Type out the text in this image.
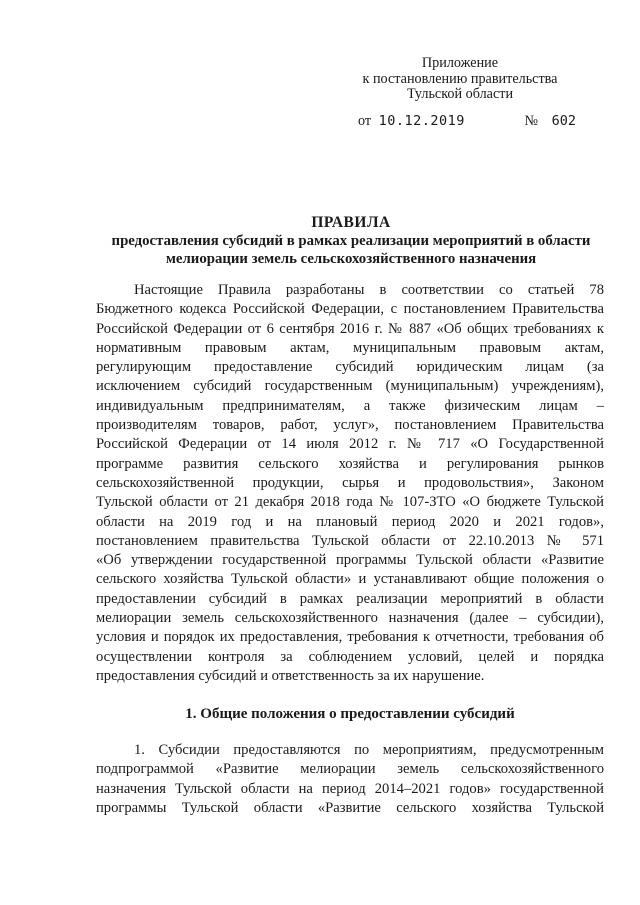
Приложение
к постановлению правительства
Тульской области
от 10.12.2019	№ 602
ПРАВИЛА
предоставления субсидий в рамках реализации мероприятий в области
мелиорации земель сельскохозяйственного назначения
Настоящие Правила разработаны в соответствии со статьей 78
Бюджетного кодекса Российской Федерации, с постановлением Правительства
Российской Федерации от 6 сентября 2016 г. № 887 «Об общих требованиях к
нормативным правовым актам, муниципальным правовым актам,
регулирующим предоставление субсидий юридическим лицам (за
исключением субсидий государственным (муниципальным) учреждениям),
индивидуальным предпринимателям, а также физическим лицам –
производителям товаров, работ, услуг», постановлением Правительства
Российской Федерации от 14 июля 2012 г. № 717 «О Государственной
программе развития сельского хозяйства и регулирования рынков
сельскохозяйственной продукции, сырья и продовольствия», Законом
Тульской области от 21 декабря 2018 года № 107-ЗТО «О бюджете Тульской
области на 2019 год и на плановый период 2020 и 2021 годов»,
постановлением правительства Тульской области от 22.10.2013 № 571
«Об утверждении государственной программы Тульской области «Развитие
сельского хозяйства Тульской области» и устанавливают общие положения о
предоставлении субсидий в рамках реализации мероприятий в области
мелиорации земель сельскохозяйственного назначения (далее – субсидии),
условия и порядок их предоставления, требования к отчетности, требования об
осуществлении контроля за соблюдением условий, целей и порядка
предоставления субсидий и ответственность за их нарушение.
1. Общие положения о предоставлении субсидий
1. Субсидии предоставляются по мероприятиям, предусмотренным
подпрограммой «Развитие мелиорации земель сельскохозяйственного
назначения Тульской области на период 2014–2021 годов» государственной
программы Тульской области «Развитие сельского хозяйства Тульской
